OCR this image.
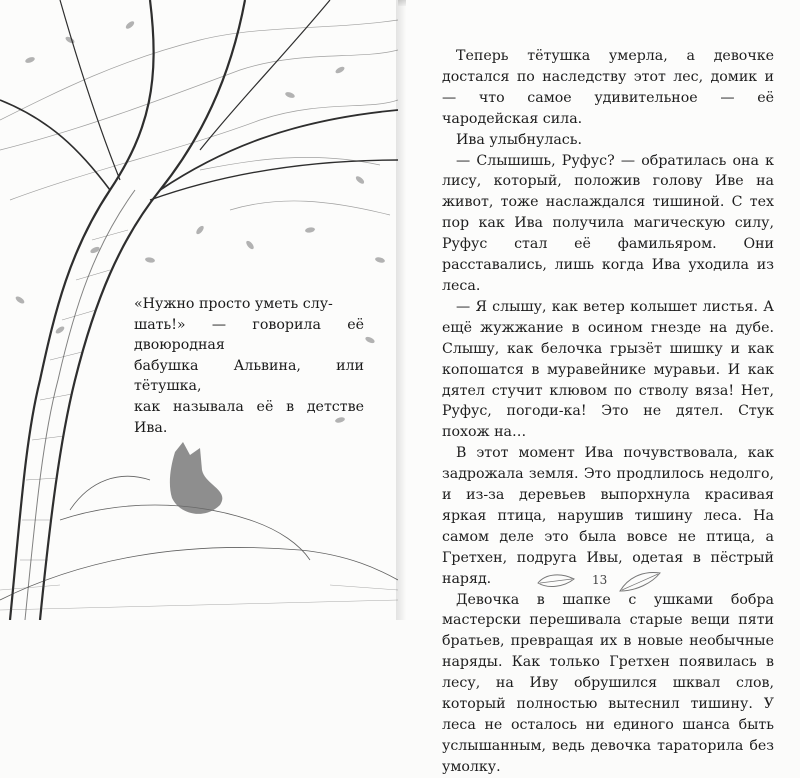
«Нужно просто уметь слу-

шать!» — говорила её двоюродная

бабушка Альвина, или тётушка,

как называла её в детстве Ива.

Теперь тётушка умерла, а девочке достался по наследству этот лес, домик и — что самое удивительное — её чародейская сила.

Ива улыбнулась.

— Слышишь, Руфус? — обратилась она к лису, который, положив голову Иве на живот, тоже наслаждался тишиной. С тех пор как Ива получила магическую силу, Руфус стал её фамильяром. Они расставались, лишь когда Ива уходила из леса.

— Я слышу, как ветер колышет листья. А ещё жужжание в осином гнезде на дубе. Слышу, как белочка грызёт шишку и как копошатся в муравейнике муравьи. И как дятел стучит клювом по стволу вяза! Нет, Руфус, погоди-ка! Это не дятел. Стук похож на…

В этот момент Ива почувствовала, как задрожала земля. Это продлилось недолго, и из-за деревьев выпорхнула красивая яркая птица, нарушив тишину леса. На самом деле это была вовсе не птица, а Гретхен, подруга Ивы, одетая в пёстрый наряд.

Девочка в шапке с ушками бобра мастерски перешивала старые вещи пяти братьев, превращая их в новые необычные наряды. Как только Гретхен появилась в лесу, на Иву обрушился шквал слов, который полностью вытеснил тишину. У леса не осталось ни единого шанса быть услышанным, ведь девочка тараторила без умолку.

13
